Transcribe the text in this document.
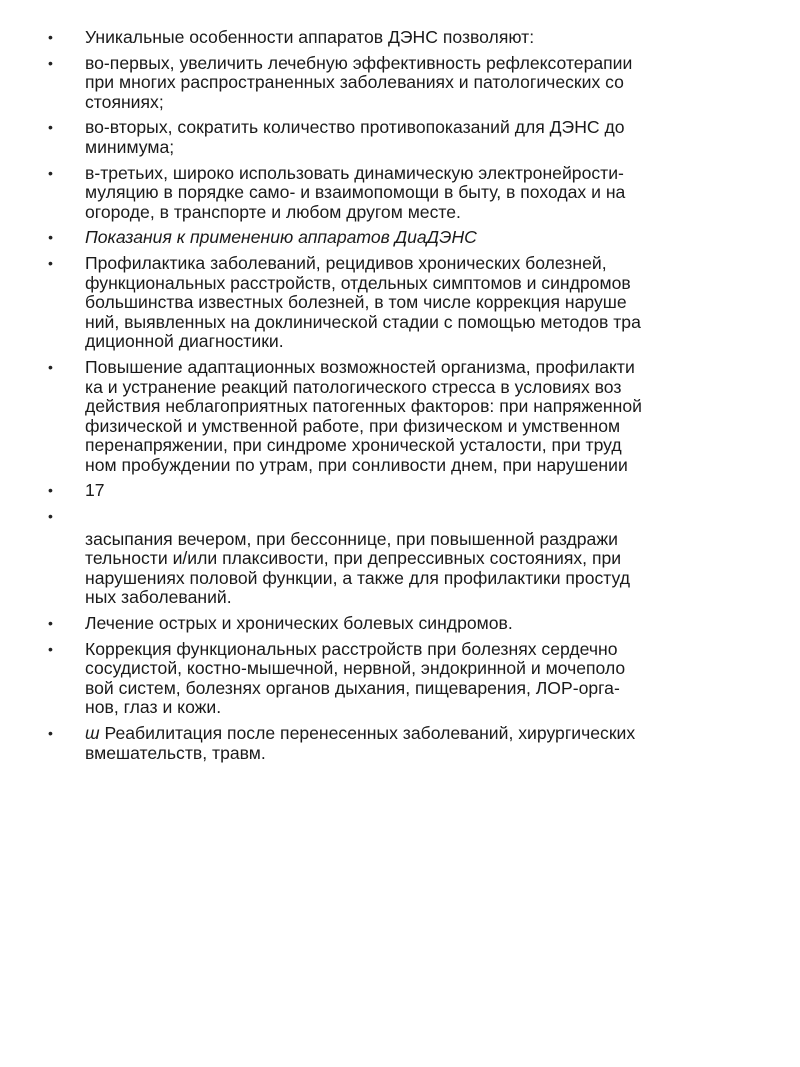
• Уникальные особенности аппаратов ДЭНС позволяют:
• во-первых, увеличить лечебную эффективность рефлексотерапии
при многих распространенных заболеваниях и патологических со
стояниях;
• во-вторых, сократить количество противопоказаний для ДЭНС до
минимума;
• в-третьих, широко использовать динамическую электронейрости-
муляцию в порядке само- и взаимопомощи в быту, в походах и на
огороде, в транспорте и любом другом месте.
• Показания к применению аппаратов ДиаДЭНС
• Профилактика заболеваний, рецидивов хронических болезней,
функциональных расстройств, отдельных симптомов и синдромов
большинства известных болезней, в том числе коррекция наруше
ний, выявленных на доклинической стадии с помощью методов тра
диционной диагностики.
• Повышение адаптационных возможностей организма, профилакти
ка и устранение реакций патологического стресса в условиях воз
действия неблагоприятных патогенных факторов: при напряженной
физической и умственной работе, при физическом и умственном
перенапряжении, при синдроме хронической усталости, при труд
ном пробуждении по утрам, при сонливости днем, при нарушении
• 17
•
засыпания вечером, при бессоннице, при повышенной раздражи
тельности и/или плаксивости, при депрессивных состояниях, при
нарушениях половой функции, а также для профилактики простуд
ных заболеваний.
• Лечение острых и хронических болевых синдромов.
• Коррекция функциональных расстройств при болезнях сердечно
сосудистой, костно-мышечной, нервной, эндокринной и мочеполо
вой систем, болезнях органов дыхания, пищеварения, ЛОР-орга-
нов, глаз и кожи.
• ш Реабилитация после перенесенных заболеваний, хирургических
вмешательств, травм.
